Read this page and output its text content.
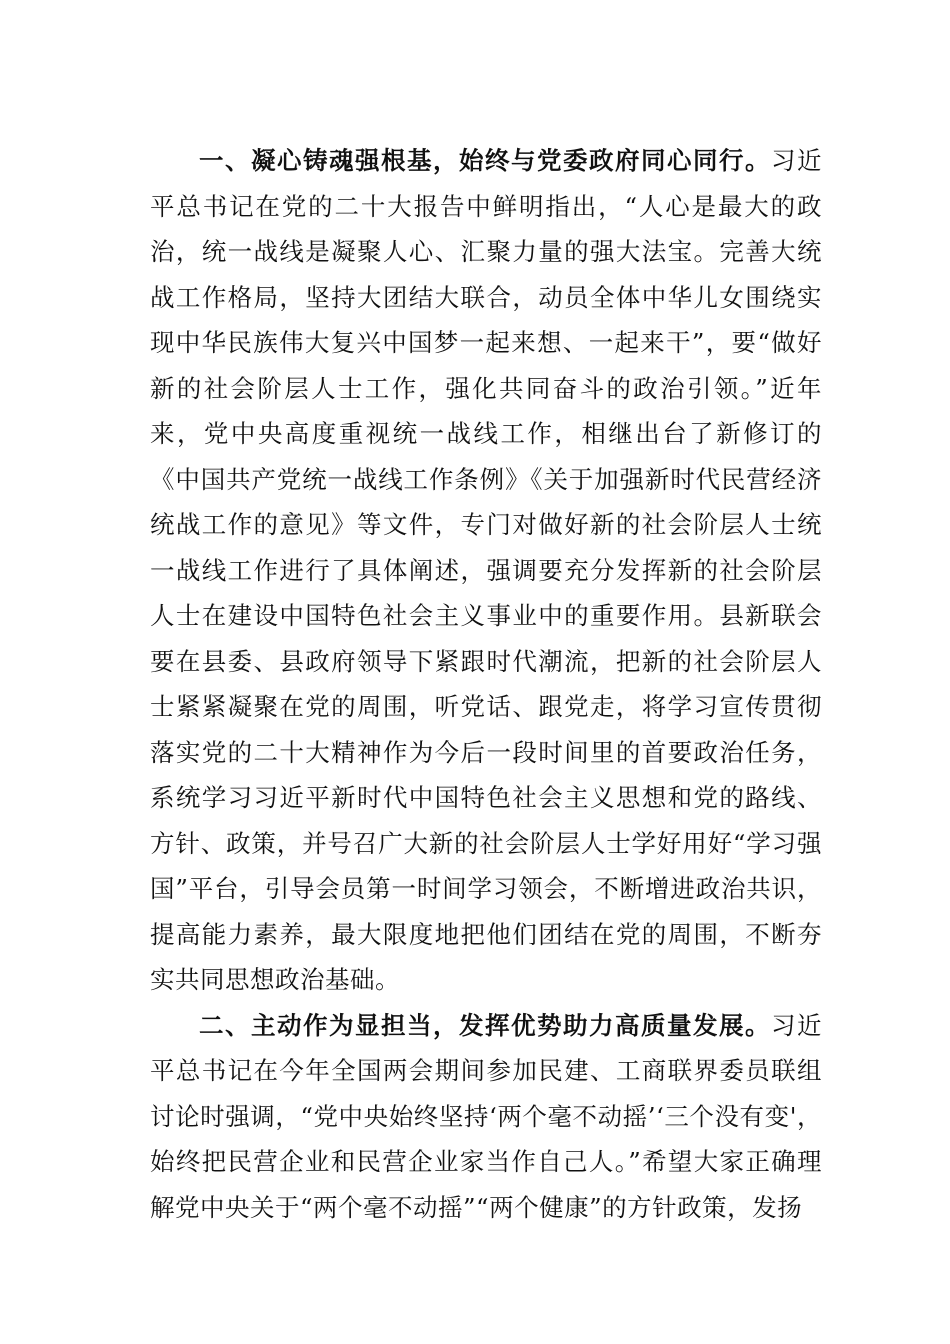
一、凝心铸魂强根基，始终与党委政府同心同行。习近平总书记在党的二十大报告中鲜明指出，“人心是最大的政治，统一战线是凝聚人心、汇聚力量的强大法宝。完善大统战工作格局，坚持大团结大联合，动员全体中华儿女围绕实现中华民族伟大复兴中国梦一起来想、一起来干”，要“做好新的社会阶层人士工作，强化共同奋斗的政治引领。”近年来，党中央高度重视统一战线工作，相继出台了新修订的《中国共产党统一战线工作条例》《关于加强新时代民营经济统战工作的意见》等文件，专门对做好新的社会阶层人士统一战线工作进行了具体阐述，强调要充分发挥新的社会阶层人士在建设中国特色社会主义事业中的重要作用。县新联会要在县委、县政府领导下紧跟时代潮流，把新的社会阶层人士紧紧凝聚在党的周围，听党话、跟党走，将学习宣传贯彻落实党的二十大精神作为今后一段时间里的首要政治任务，系统学习习近平新时代中国特色社会主义思想和党的路线、方针、政策，并号召广大新的社会阶层人士学好用好“学习强国”平台，引导会员第一时间学习领会，不断增进政治共识，提高能力素养，最大限度地把他们团结在党的周围，不断夯实共同思想政治基础。

二、主动作为显担当，发挥优势助力高质量发展。习近平总书记在今年全国两会期间参加民建、工商联界委员联组讨论时强调，“党中央始终坚持‘两个毫不动摇’‘三个没有变'，始终把民营企业和民营企业家当作自己人。”希望大家正确理解党中央关于“两个毫不动摇”“两个健康”的方针政策，发扬
